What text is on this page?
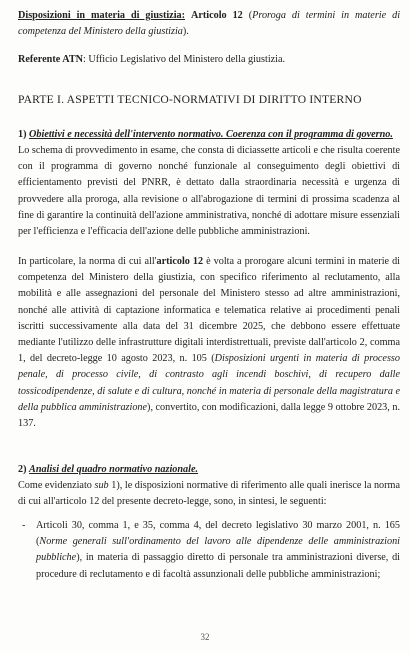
Disposizioni in materia di giustizia: Articolo 12 (Proroga di termini in materie di competenza del Ministero della giustizia).

Referente ATN: Ufficio Legislativo del Ministero della giustizia.

PARTE I. ASPETTI TECNICO-NORMATIVI DI DIRITTO INTERNO

1) Obiettivi e necessità dell'intervento normativo. Coerenza con il programma di governo.

Lo schema di provvedimento in esame, che consta di diciassette articoli e che risulta coerente con il programma di governo nonché funzionale al conseguimento degli obiettivi di efficientamento previsti del PNRR, è dettato dalla straordinaria necessità e urgenza di provvedere alla proroga, alla revisione o all'abrogazione di termini di prossima scadenza al fine di garantire la continuità dell'azione amministrativa, nonché di adottare misure essenziali per l'efficienza e l'efficacia dell'azione delle pubbliche amministrazioni.

In particolare, la norma di cui all'articolo 12 è volta a prorogare alcuni termini in materie di competenza del Ministero della giustizia, con specifico riferimento al reclutamento, alla mobilità e alle assegnazioni del personale del Ministero stesso ad altre amministrazioni, nonché alle attività di captazione informatica e telematica relative ai procedimenti penali iscritti successivamente alla data del 31 dicembre 2025, che debbono essere effettuate mediante l'utilizzo delle infrastrutture digitali interdistrettuali, previste dall'articolo 2, comma 1, del decreto-legge 10 agosto 2023, n. 105 (Disposizioni urgenti in materia di processo penale, di processo civile, di contrasto agli incendi boschivi, di recupero dalle tossicodipendenze, di salute e di cultura, nonché in materia di personale della magistratura e della pubblica amministrazione), convertito, con modificazioni, dalla legge 9 ottobre 2023, n. 137.

2) Analisi del quadro normativo nazionale.

Come evidenziato sub 1), le disposizioni normative di riferimento alle quali inerisce la norma di cui all'articolo 12 del presente decreto-legge, sono, in sintesi, le seguenti:

- Articoli 30, comma 1, e 35, comma 4, del decreto legislativo 30 marzo 2001, n. 165 (Norme generali sull'ordinamento del lavoro alle dipendenze delle amministrazioni pubbliche), in materia di passaggio diretto di personale tra amministrazioni diverse, di procedure di reclutamento e di facoltà assunzionali delle pubbliche amministrazioni;

32
